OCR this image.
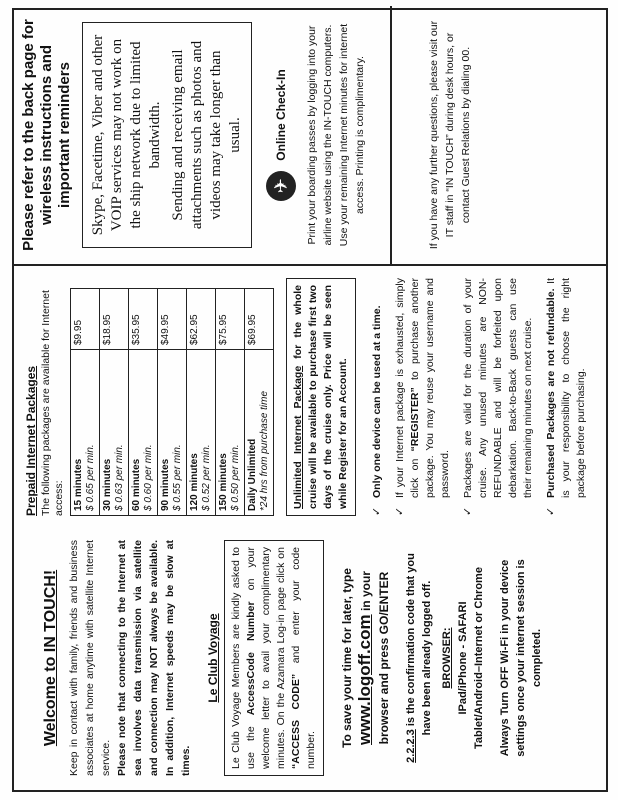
Welcome to IN TOUCH! Keep in contact with family, friends and business associates at home anytime with satellite Internet service. Please note that connecting to the Internet at sea involves data transmission via satellite and connection may NOT always be available. In addition, Internet speeds may be slow at times.

Le Club Voyage Le Club Voyage Members are kindly asked to use the AccessCode Number on your welcome letter to avail your complimentary minutes. On the Azamara Log-in page click on “ACCESS CODE” and enter your code number.
To save your time for later, type www.logoff.com in your browser and press GO/ENTER
2.2.2.3 is the confirmation code that you have been already logged off. BROWSER: IPad/iPhone - SAFARI Tablet/Android–Internet or Chrome Always Turn OFF Wi-Fi in your device settings once your internet session is completed.
Prepaid Internet Packages The following packages are available for Internet access: 15 minutes $ 0.65 per min.	$9.95

30 minutes $ 0.63 per min.	$18.95

60 minutes $ 0.60 per min.	$35.95

90 minutes $ 0.55 per min.	$49.95

120 minutes $ 0.52 per min.	$62.95

150 minutes $ 0.50 per min.	$75.95

Daily Unlimited *24 hrs from purchase time	$69.95
Unlimited Internet Package for the whole cruise will be available to purchase first two days of the cruise only. Price will be seen while Register for an Account.
✓
Only one device can be used at a time.
✓
If your Internet package is exhausted, simply click on “REGISTER” to purchase another package. You may reuse your username and password.
✓
Packages are valid for the duration of your cruise. Any unused minutes are NON-REFUNDABLE and will be forfeited upon debarkation. Back-to-Back guests can use their remaining minutes on next cruise.
✓
Purchased Packages are not refundable. It is your responsibility to choose the right package before purchasing.
Please refer to the back page for wireless instructions and important reminders Skype, Facetime, Viber and other VOIP services may not work on the ship network due to limited bandwidth. Sending and receiving email attachments such as photos and videos may take longer than usual.
✈
Online Check-In Print your boarding passes by logging into your airline website using the IN-TOUCH computers. Use your remaining Internet minutes for internet access. Printing is complimentary.	If you have any further questions, please visit our IT staff in “IN TOUCH” during desk hours, or contact Guest Relations by dialing 00.
